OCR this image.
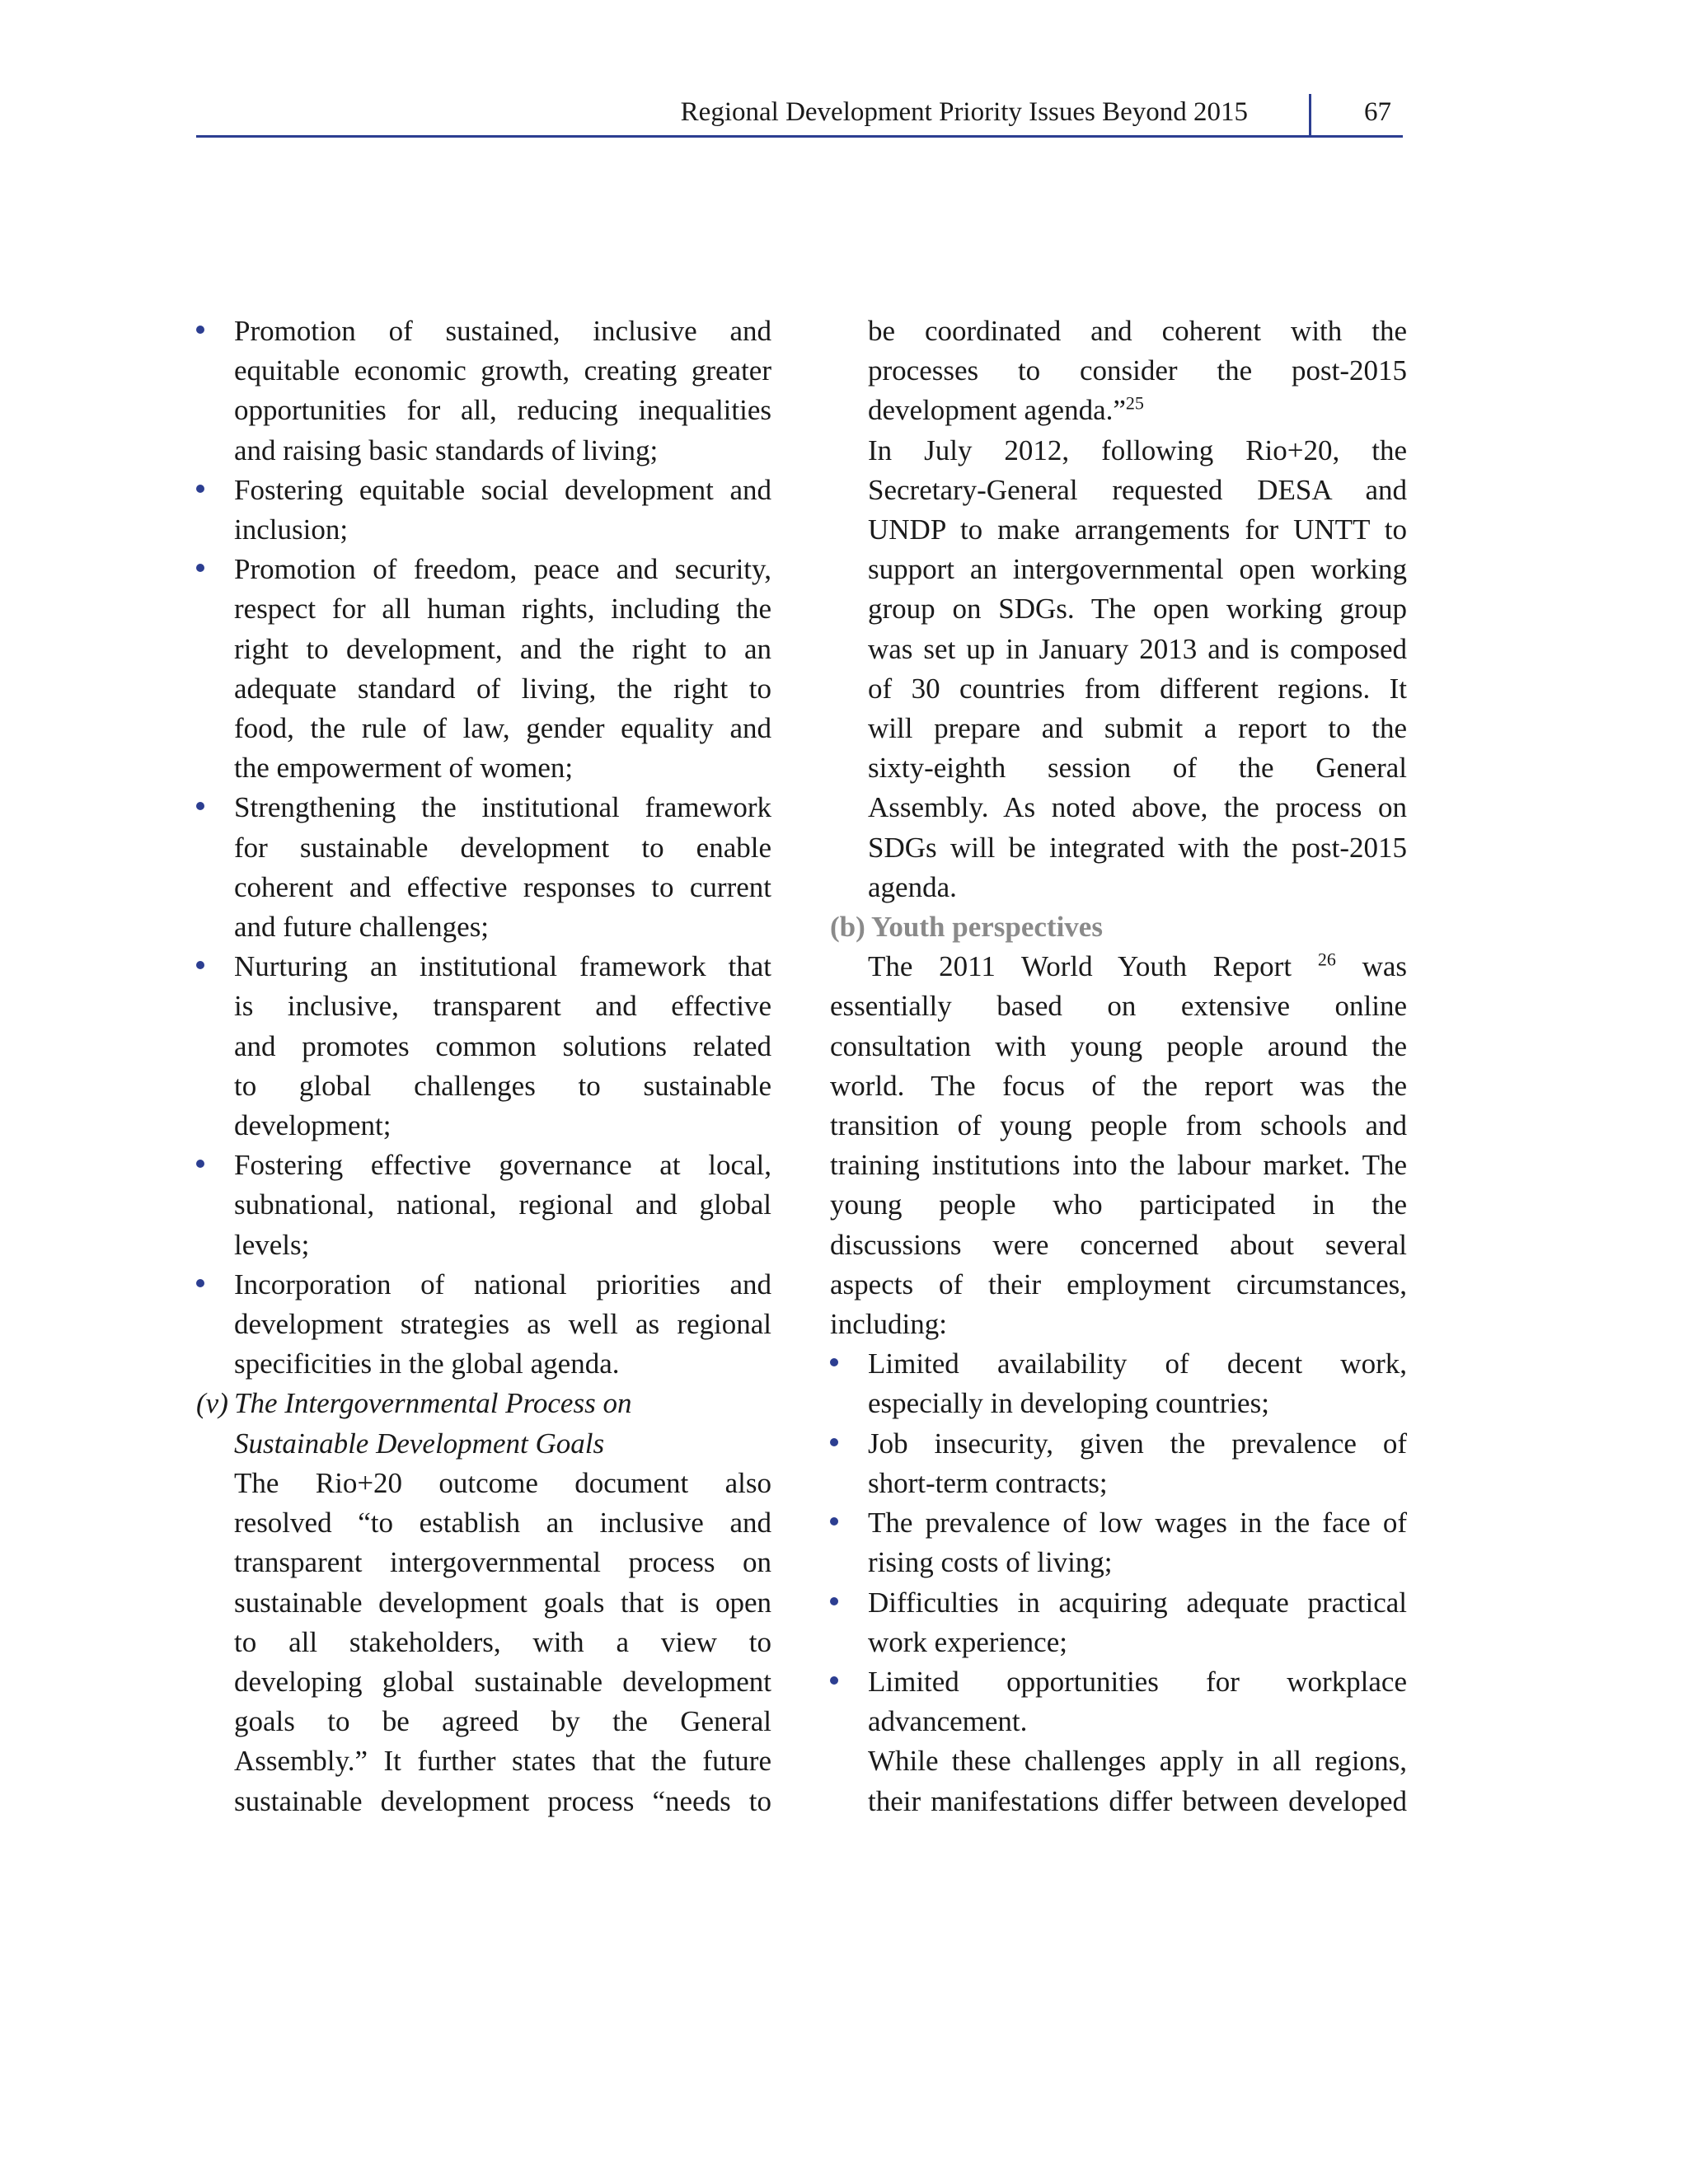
Regional Development Priority Issues Beyond 2015	67
Promotion of sustained, inclusive and
equitable economic growth, creating greater
opportunities for all, reducing inequalities
and raising basic standards of living;
Fostering equitable social development and
inclusion;
Promotion of freedom, peace and security,
respect for all human rights, including the
right to development, and the right to an
adequate standard of living, the right to
food, the rule of law, gender equality and
the empowerment of women;
Strengthening the institutional framework
for sustainable development to enable
coherent and effective responses to current
and future challenges;
Nurturing an institutional framework that
is inclusive, transparent and effective
and promotes common solutions related
to global challenges to sustainable
development;
Fostering effective governance at local,
subnational, national, regional and global
levels;
Incorporation of national priorities and
development strategies as well as regional
specificities in the global agenda.
(v) The Intergovernmental Process on
Sustainable Development Goals
The Rio+20 outcome document also
resolved “to establish an inclusive and
transparent intergovernmental process on
sustainable development goals that is open
to all stakeholders, with a view to
developing global sustainable development
goals to be agreed by the General
Assembly.” It further states that the future
sustainable development process “needs to
be coordinated and coherent with the
processes to consider the post-2015
development agenda.”$^{25}$
In July 2012, following Rio+20, the
Secretary-General requested DESA and
UNDP to make arrangements for UNTT to
support an intergovernmental open working
group on SDGs. The open working group
was set up in January 2013 and is composed
of 30 countries from different regions. It
will prepare and submit a report to the
sixty-eighth session of the General
Assembly. As noted above, the process on
SDGs will be integrated with the post-2015
agenda.
(b) Youth perspectives
The 2011 World Youth Report $^{26}$ was
essentially based on extensive online
consultation with young people around the
world. The focus of the report was the
transition of young people from schools and
training institutions into the labour market. The
young people who participated in the
discussions were concerned about several
aspects of their employment circumstances,
including:
Limited availability of decent work,
especially in developing countries;
Job insecurity, given the prevalence of
short-term contracts;
The prevalence of low wages in the face of
rising costs of living;
Difficulties in acquiring adequate practical
work experience;
Limited opportunities for workplace
advancement.
While these challenges apply in all regions,
their manifestations differ between developed
